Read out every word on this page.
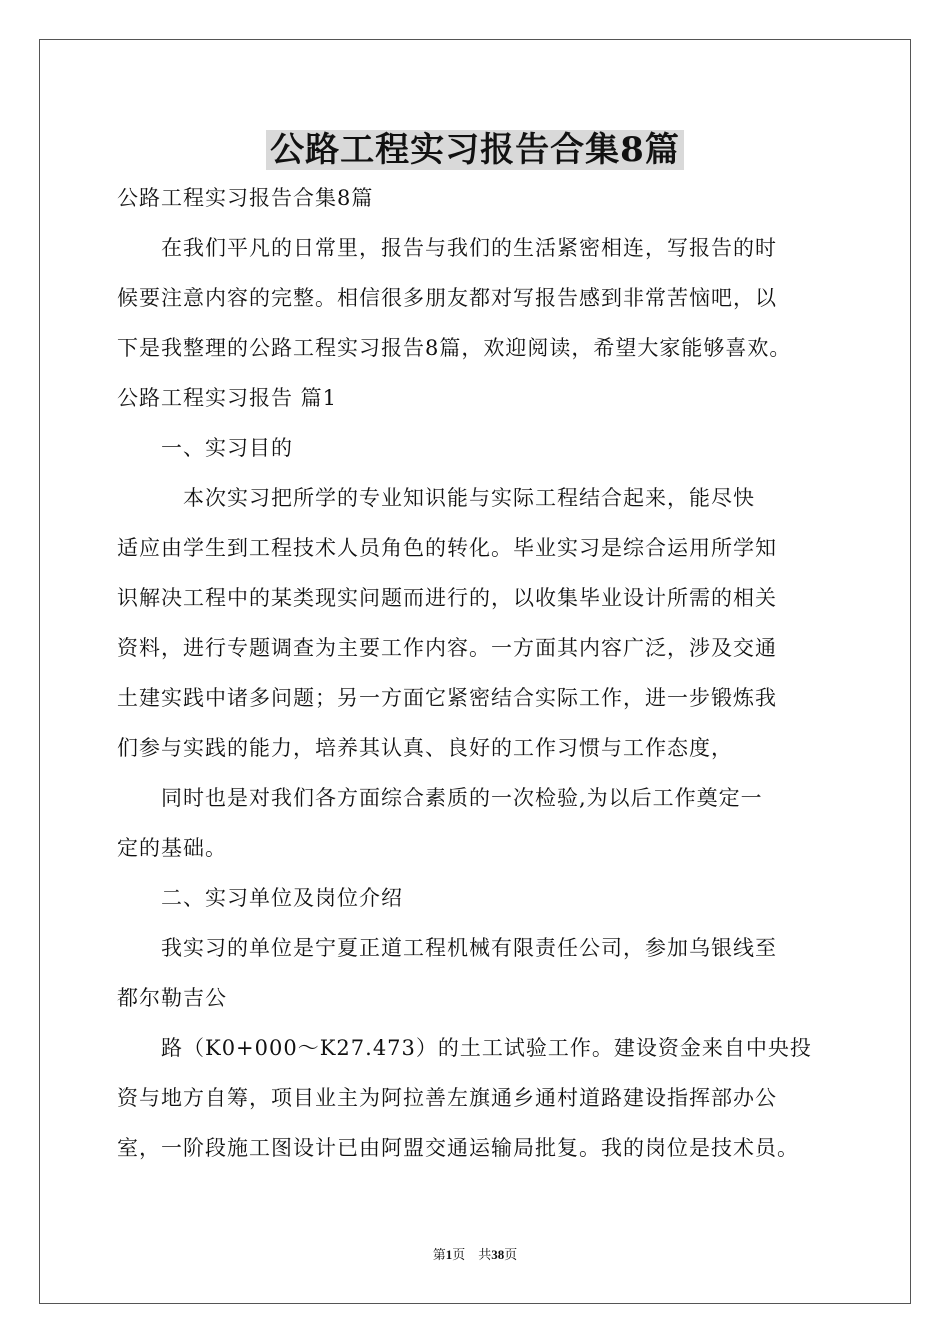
公路工程实习报告合集8篇
公路工程实习报告合集8篇
　　在我们平凡的日常里，报告与我们的生活紧密相连，写报告的时
候要注意内容的完整。相信很多朋友都对写报告感到非常苦恼吧，以
下是我整理的公路工程实习报告8篇，欢迎阅读，希望大家能够喜欢。
公路工程实习报告 篇1
　　一、实习目的
　　　本次实习把所学的专业知识能与实际工程结合起来，能尽快
适应由学生到工程技术人员角色的转化。毕业实习是综合运用所学知
识解决工程中的某类现实问题而进行的，以收集毕业设计所需的相关
资料，进行专题调查为主要工作内容。一方面其内容广泛，涉及交通
土建实践中诸多问题；另一方面它紧密结合实际工作，进一步锻炼我
们参与实践的能力，培养其认真、良好的工作习惯与工作态度，
　　同时也是对我们各方面综合素质的一次检验,为以后工作奠定一
定的基础。
　　二、实习单位及岗位介绍
　　我实习的单位是宁夏正道工程机械有限责任公司，参加乌银线至
都尔勒吉公
　　路（K0+000～K27.473）的土工试验工作。建设资金来自中央投
资与地方自筹，项目业主为阿拉善左旗通乡通村道路建设指挥部办公
室，一阶段施工图设计已由阿盟交通运输局批复。我的岗位是技术员。
第1页　共38页
